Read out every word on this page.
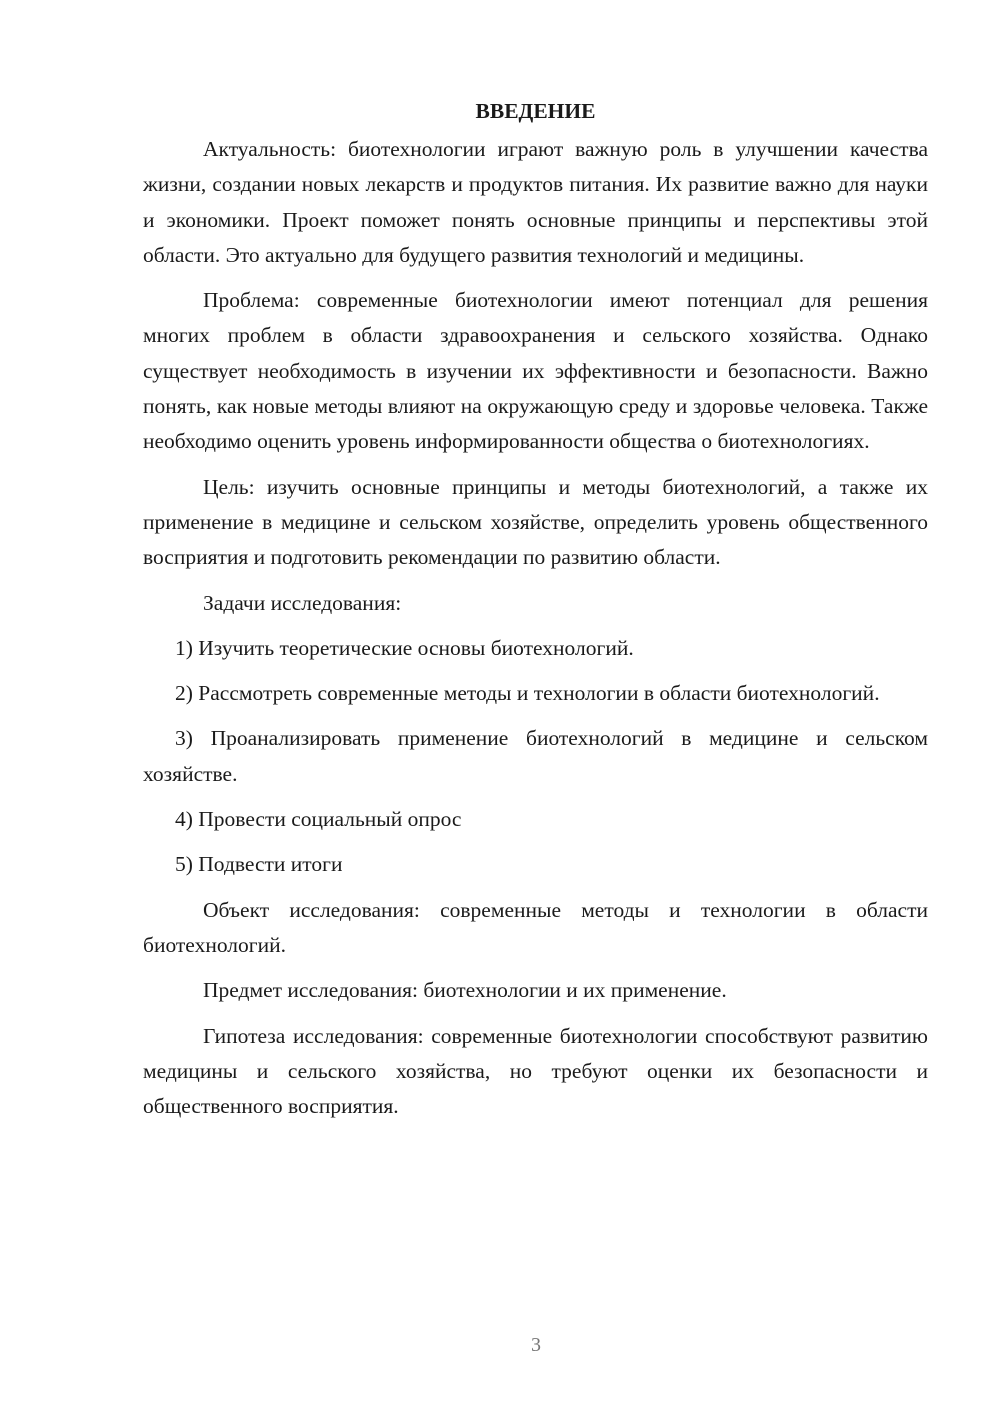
ВВЕДЕНИЕ

Актуальность: биотехнологии играют важную роль в улучшении качества жизни, создании новых лекарств и продуктов питания. Их развитие важно для науки и экономики. Проект поможет понять основные принципы и перспективы этой области. Это актуально для будущего развития технологий и медицины.

Проблема: современные биотехнологии имеют потенциал для решения многих проблем в области здравоохранения и сельского хозяйства. Однако существует необходимость в изучении их эффективности и безопасности. Важно понять, как новые методы влияют на окружающую среду и здоровье человека. Также необходимо оценить уровень информированности общества о биотехнологиях.

Цель: изучить основные принципы и методы биотехнологий, а также их применение в медицине и сельском хозяйстве, определить уровень общественного восприятия и подготовить рекомендации по развитию области.

Задачи исследования:

1) Изучить теоретические основы биотехнологий.

2) Рассмотреть современные методы и технологии в области биотехнологий.

3) Проанализировать применение биотехнологий в медицине и сельском хозяйстве.

4) Провести социальный опрос

5) Подвести итоги

Объект исследования: современные методы и технологии в области биотехнологий.

Предмет исследования: биотехнологии и их применение.

Гипотеза исследования: современные биотехнологии способствуют развитию медицины и сельского хозяйства, но требуют оценки их безопасности и общественного восприятия.

3
